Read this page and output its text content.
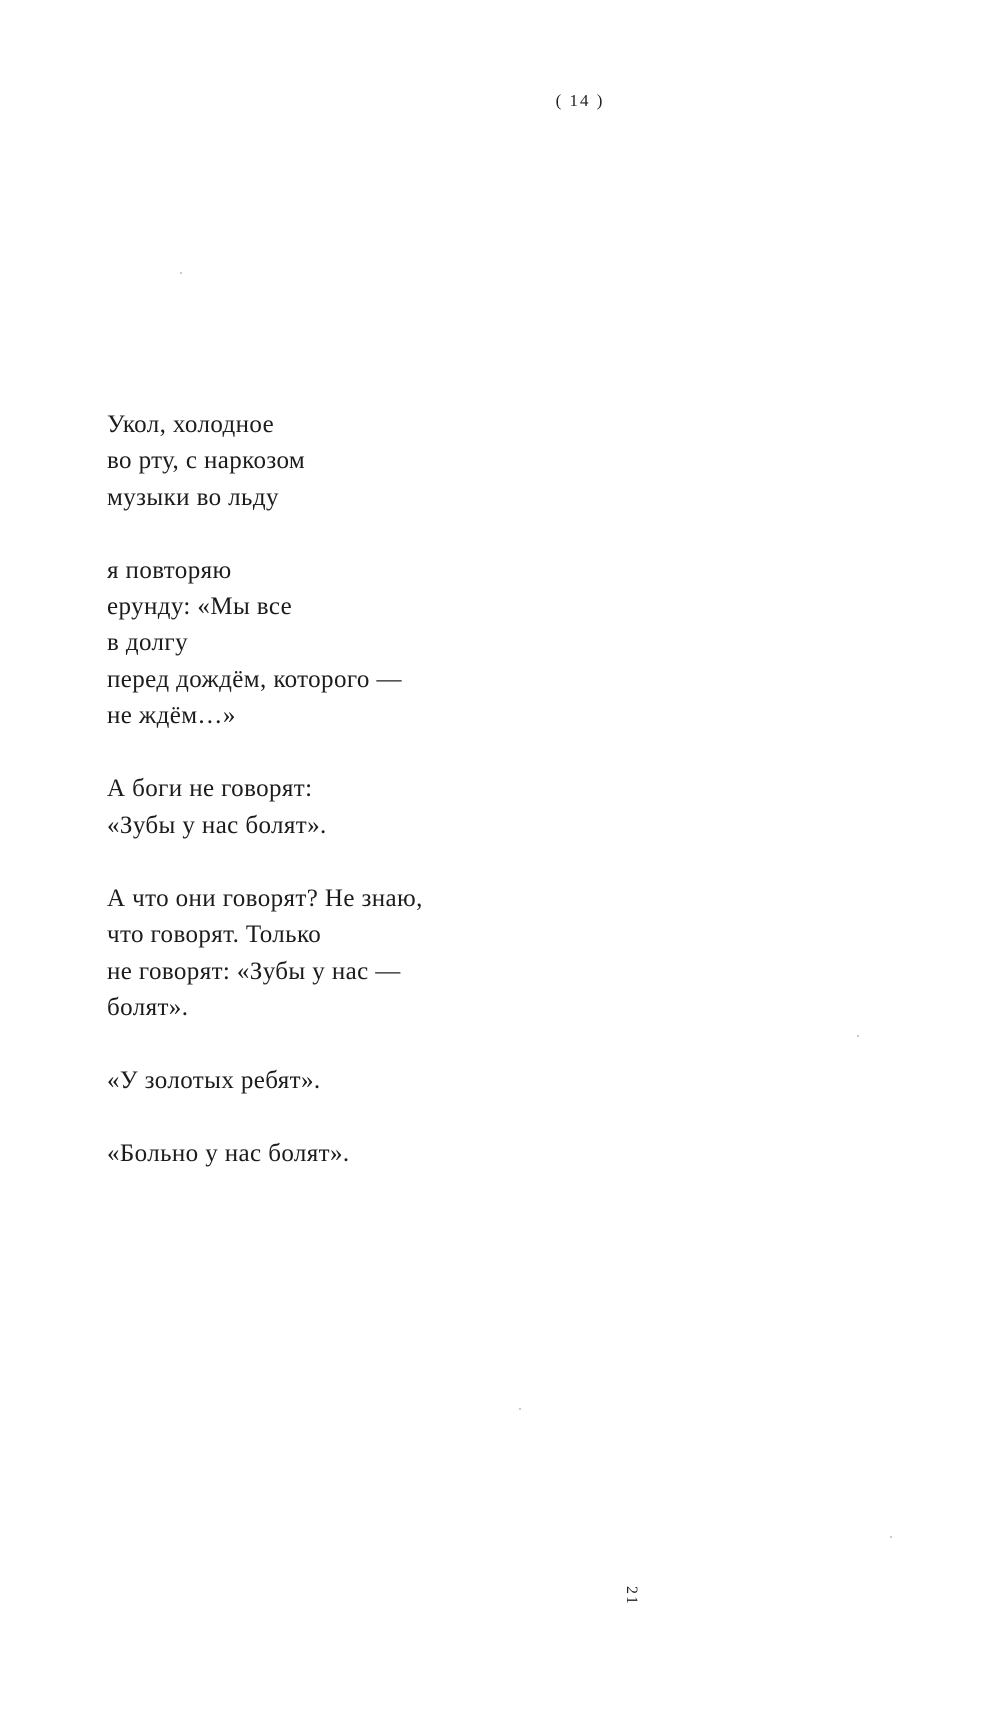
( 14 )
Укол, холодное
во рту, с наркозом
музыки во льду
я повторяю
ерунду: «Мы все
в долгу
перед дождём, которого —
не ждём…»
А боги не говорят:
«Зубы у нас болят».
А что они говорят? Не знаю,
что говорят. Только
не говорят: «Зубы у нас —
болят».
«У золотых ребят».
«Больно у нас болят».
21
